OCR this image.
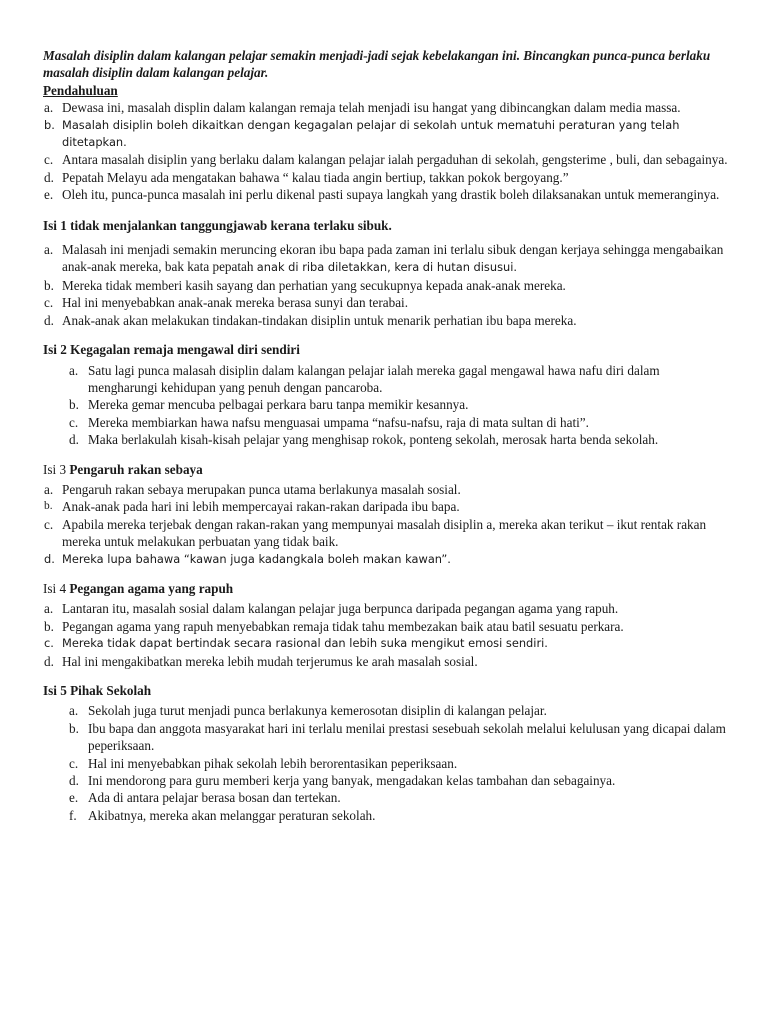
Masalah disiplin dalam kalangan pelajar semakin menjadi-jadi sejak kebelakangan ini. Bincangkan punca-punca berlaku masalah disiplin dalam kalangan pelajar.

Pendahuluan

a. Dewasa ini, masalah displin dalam kalangan remaja telah menjadi isu hangat yang dibincangkan dalam media massa.
b. Masalah disiplin boleh dikaitkan dengan kegagalan pelajar di sekolah untuk mematuhi peraturan yang telah ditetapkan.
c. Antara masalah disiplin yang berlaku dalam kalangan pelajar ialah pergaduhan di sekolah, gengsterime , buli, dan sebagainya.
d. Pepatah Melayu ada mengatakan bahawa “ kalau tiada angin bertiup, takkan pokok bergoyang.”
e. Oleh itu, punca-punca masalah ini perlu dikenal pasti supaya langkah yang drastik boleh dilaksanakan untuk memeranginya.

Isi 1 tidak menjalankan tanggungjawab kerana terlaku sibuk.

a. Malasah ini menjadi semakin meruncing ekoran ibu bapa pada zaman ini terlalu sibuk dengan kerjaya sehingga mengabaikan anak-anak mereka, bak kata pepatah anak di riba diletakkan, kera di hutan disusui.
b. Mereka tidak memberi kasih sayang dan perhatian yang secukupnya kepada anak-anak mereka.
c. Hal ini menyebabkan anak-anak mereka berasa sunyi dan terabai.
d. Anak-anak akan melakukan tindakan-tindakan disiplin untuk menarik perhatian ibu bapa mereka.

Isi 2 Kegagalan remaja mengawal diri sendiri

a. Satu lagi punca malasah disiplin dalam kalangan pelajar ialah mereka gagal mengawal hawa nafu diri dalam mengharungi kehidupan yang penuh dengan pancaroba.
b. Mereka gemar mencuba pelbagai perkara baru tanpa memikir kesannya.
c. Mereka membiarkan hawa nafsu menguasai umpama “nafsu-nafsu, raja di mata sultan di hati”.
d. Maka berlakulah kisah-kisah pelajar yang menghisap rokok, ponteng sekolah, merosak harta benda sekolah.

Isi 3 Pengaruh rakan sebaya

a. Pengaruh rakan sebaya merupakan punca utama berlakunya masalah sosial.
b. Anak-anak pada hari ini lebih mempercayai rakan-rakan daripada ibu bapa.
c. Apabila mereka terjebak dengan rakan-rakan yang mempunyai masalah disiplin a, mereka akan terikut – ikut rentak rakan mereka untuk melakukan perbuatan yang tidak baik.
d. Mereka lupa bahawa “kawan juga kadangkala boleh makan kawan”.

Isi 4 Pegangan agama yang rapuh

a. Lantaran itu, masalah sosial dalam kalangan pelajar juga berpunca daripada pegangan agama yang rapuh.
b. Pegangan agama yang rapuh menyebabkan remaja tidak tahu membezakan baik atau batil sesuatu perkara.
c. Mereka tidak dapat bertindak secara rasional dan lebih suka mengikut emosi sendiri.
d. Hal ini mengakibatkan mereka lebih mudah terjerumus ke arah masalah sosial.

Isi 5 Pihak Sekolah

a. Sekolah juga turut menjadi punca berlakunya kemerosotan disiplin di kalangan pelajar.
b. Ibu bapa dan anggota masyarakat hari ini terlalu menilai prestasi sesebuah sekolah melalui kelulusan yang dicapai dalam peperiksaan.
c. Hal ini menyebabkan pihak sekolah lebih berorentasikan peperiksaan.
d. Ini mendorong para guru memberi kerja yang banyak, mengadakan kelas tambahan dan sebagainya.
e. Ada di antara pelajar berasa bosan dan tertekan.
f. Akibatnya, mereka akan melanggar peraturan sekolah.
